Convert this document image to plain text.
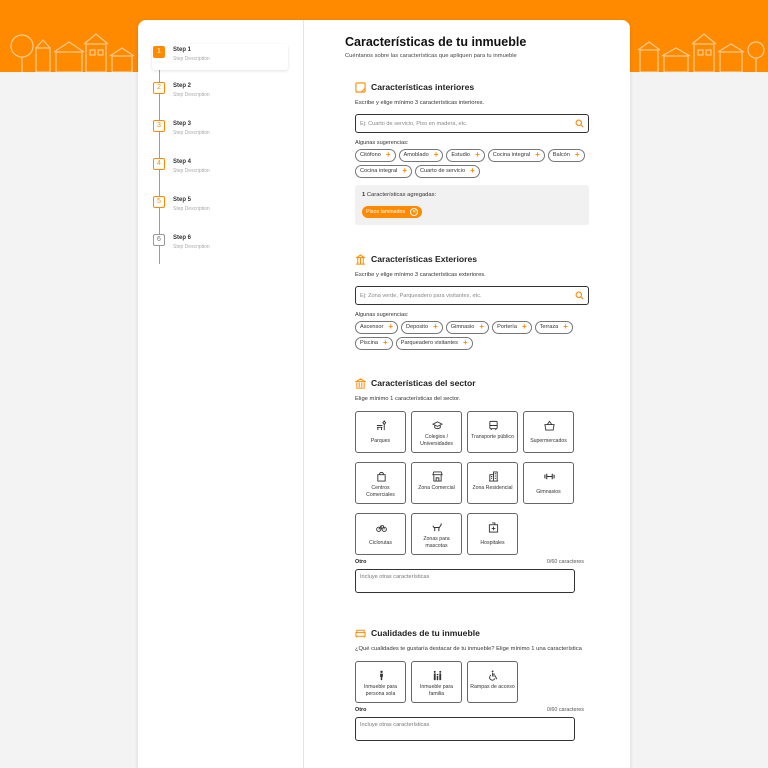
1	Step 1
Step Description
2	Step 2
Step Description
3	Step 3
Step Description
4	Step 4
Step Description
5	Step 5
Step Description
6	Step 6
Step Description
Características de tu inmueble
Cuéntanos sobre las características que apliquen para tu inmueble
Características interiores
Escribe y elige mínimo 3 características interiores.
Ej: Cuarto de servicio, Piso en madera, etc.
Algunas sugerencias:
Citófono + Amoblado + Estudio + Cocina integral + Balcón +
Cocina integral + Cuarto de servicio +
1 Características agregadas:
Pisos laminados	✕
Características Exteriores
Escribe y elige mínimo 3 características exteriores.
Ej: Zona verde, Parqueadero para visitantes, etc.
Algunas sugerencias:
Ascensor + Deposito + Gimnasio + Portería + Terraza +
Piscina + Parqueadero visitantes +
Características del sector
Elige mínimo 1 características del sector.
Parques
Colegios / Universidades
Transporte público
Supermercados
Centros Comerciales
Zona Comercial	Zona Residencial
Gimnasios
Ciclorutas
Zonas para mascotas	Hospitales
Otro	0/60 caracteres
Incluye otras características
Cualidades de tu inmueble
¿Qué cualidades te gustaría destacar de tu inmueble? Elige mínimo 1 una característica
Inmueble para persona sola
Inmueble para familia
Rampas de acceso
Otro	0/60 caracteres
Incluye otras características
